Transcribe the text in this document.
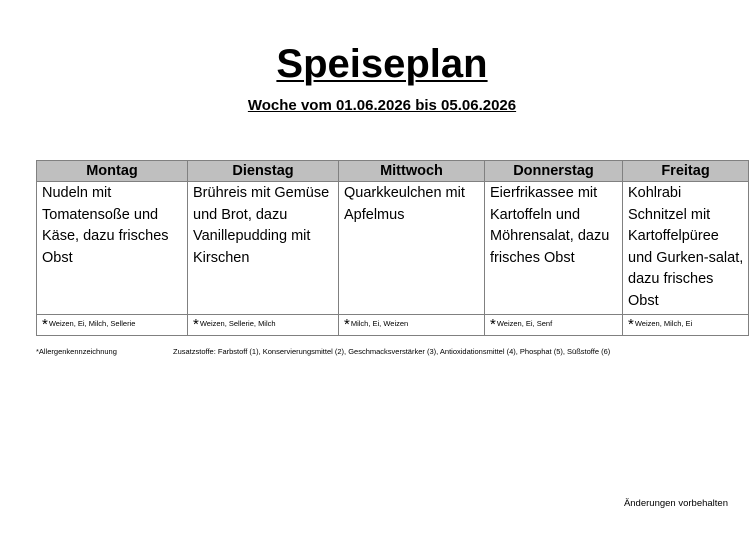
Speiseplan
Woche vom 01.06.2026 bis 05.06.2026
Montag	Dienstag	Mittwoch	Donnerstag	Freitag
Nudeln mit Tomatensoße und Käse, dazu frisches Obst	Brühreis mit Gemüse und Brot, dazu Vanillepudding mit Kirschen	Quarkkeulchen mit Apfelmus	Eierfrikassee mit Kartoffeln und Möhrensalat, dazu frisches Obst	Kohlrabi Schnitzel mit Kartoffelpüree und Gurken-salat, dazu frisches Obst
*Weizen, Ei, Milch, Sellerie	*Weizen, Sellerie, Milch	*Milch, Ei, Weizen	*Weizen, Ei, Senf	*Weizen, Milch, Ei
*Allergenkennzeichnung	Zusatzstoffe: Farbstoff (1), Konservierungsmittel (2), Geschmacksverstärker (3), Antioxidationsmittel (4), Phosphat (5), Süßstoffe (6)
Änderungen vorbehalten
